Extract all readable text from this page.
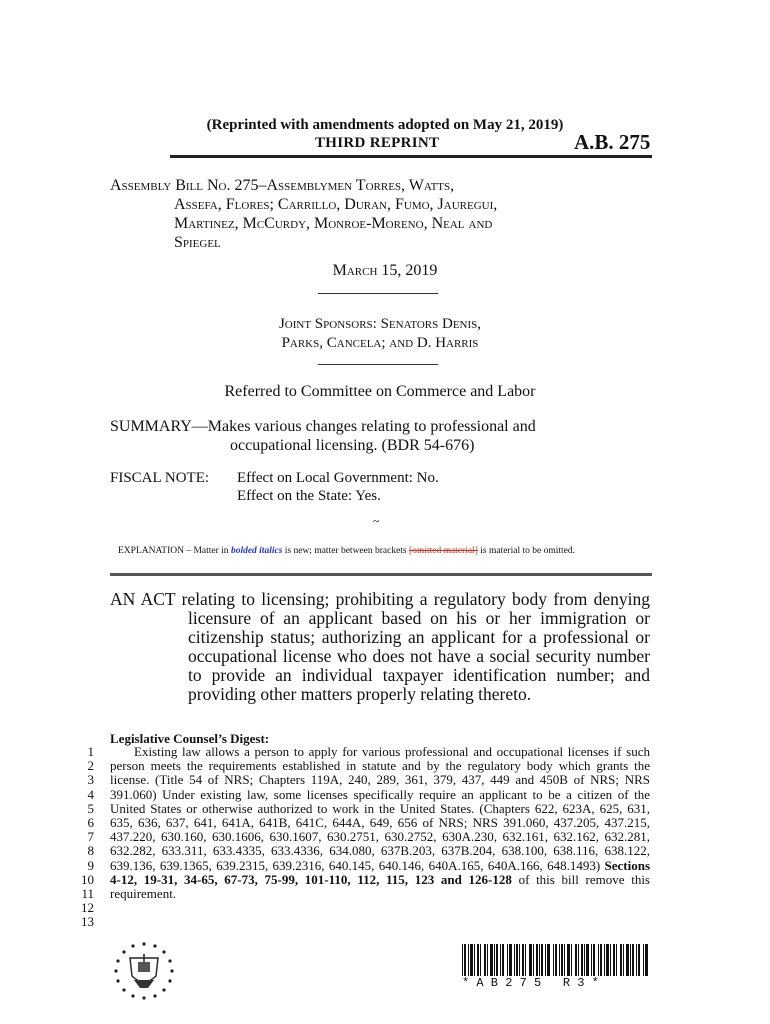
(Reprinted with amendments adopted on May 21, 2019)
THIRD REPRINT	A.B. 275
Assembly Bill No. 275–Assemblymen Torres, Watts,
Assefa, Flores; Carrillo, Duran, Fumo, Jauregui,
Martinez, McCurdy, Monroe-Moreno, Neal and
Spiegel
March 15, 2019
Joint Sponsors: Senators Denis,
Parks, Cancela; and D. Harris
Referred to Committee on Commerce and Labor
SUMMARY—Makes various changes relating to professional and
occupational licensing. (BDR 54-676)
FISCAL NOTE: Effect on Local Government: No.
Effect on the State: Yes.
~
EXPLANATION – Matter in bolded italics is new; matter between brackets [omitted material] is material to be omitted.
AN ACT relating to licensing; prohibiting a regulatory body from denying licensure of an applicant based on his or her immigration or citizenship status; authorizing an applicant for a professional or occupational license who does not have a social security number to provide an individual taxpayer identification number; and providing other matters properly relating thereto.
Legislative Counsel’s Digest:
1
2
3
4
5
6
7
8
9
10
11
12
13
Existing law allows a person to apply for various professional and occupational licenses if such person meets the requirements established in statute and by the regulatory body which grants the license. (Title 54 of NRS; Chapters 119A, 240, 289, 361, 379, 437, 449 and 450B of NRS; NRS 391.060) Under existing law, some licenses specifically require an applicant to be a citizen of the United States or otherwise authorized to work in the United States. (Chapters 622, 623A, 625, 631, 635, 636, 637, 641, 641A, 641B, 641C, 644A, 649, 656 of NRS; NRS 391.060, 437.205, 437.215, 437.220, 630.160, 630.1606, 630.1607, 630.2751, 630.2752, 630A.230, 632.161, 632.162, 632.281, 632.282, 633.311, 633.4335, 633.4336, 634.080, 637B.203, 637B.204, 638.100, 638.116, 638.122, 639.136, 639.1365, 639.2315, 639.2316, 640.145, 640.146, 640A.165, 640A.166, 648.1493) Sections 4-12, 19-31, 34-65, 67-73, 75-99, 101-110, 112, 115, 123 and 126-128 of this bill remove this requirement.
* A B 2 7 5   R 3 *
